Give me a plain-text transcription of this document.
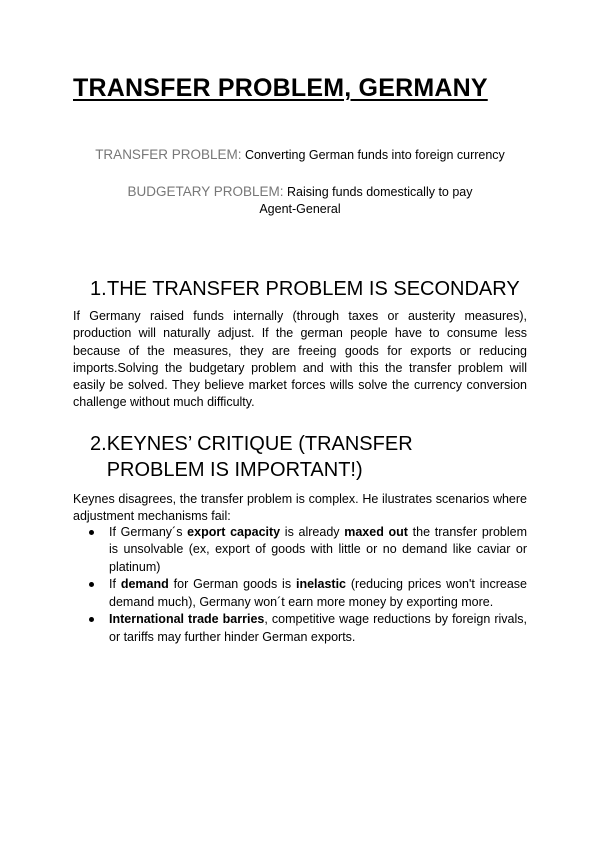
TRANSFER PROBLEM, GERMANY
TRANSFER PROBLEM: Converting German funds into foreign currency
BUDGETARY PROBLEM: Raising funds domestically to pay
Agent-General
1.THE TRANSFER PROBLEM IS SECONDARY

If Germany raised funds internally (through taxes or austerity measures), production will naturally adjust. If the german people have to consume less because of the measures, they are freeing goods for exports or reducing imports.Solving the budgetary problem and with this the transfer problem will easily be solved. They believe market forces wills solve the currency conversion challenge without much difficulty.

2. KEYNES’ CRITIQUE (TRANSFER PROBLEM IS IMPORTANT!)

Keynes disagrees, the transfer problem is complex. He ilustrates scenarios where adjustment mechanisms fail:

If Germany´s export capacity is already maxed out the transfer problem is unsolvable (ex, export of goods with little or no demand like caviar or platinum)
If demand for German goods is inelastic (reducing prices won't increase demand much), Germany won´t earn more money by exporting more.
International trade barries, competitive wage reductions by foreign rivals, or tariffs may further hinder German exports.
